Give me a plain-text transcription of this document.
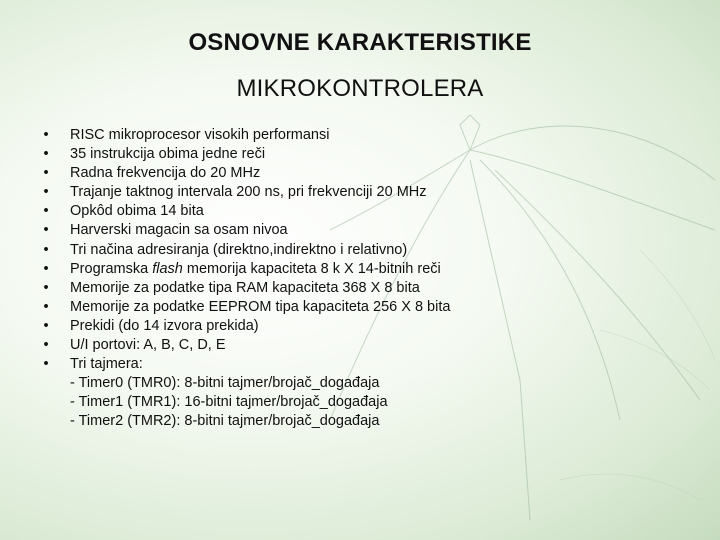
OSNOVNE KARAKTERISTIKE
MIKROKONTROLERA
• RISC mikroprocesor visokih performansi
• 35 instrukcija obima jedne reči
• Radna frekvencija do 20 MHz
• Trajanje taktnog intervala 200 ns, pri frekvenciji 20 MHz
• Opkôd obima 14 bita
• Harverski magacin sa osam nivoa
• Tri načina adresiranja (direktno,indirektno i relativno)
• Programska flash memorija kapaciteta 8 k X 14-bitnih reči
• Memorije za podatke tipa RAM kapaciteta 368 X 8 bita
• Memorije za podatke EEPROM tipa kapaciteta 256 X 8 bita
• Prekidi (do 14 izvora prekida)
• U/I portovi: A, B, C, D, E
• Tri tajmera:
- Timer0 (TMR0): 8-bitni tajmer/brojač_događaja
- Timer1 (TMR1): 16-bitni tajmer/brojač_događaja
- Timer2 (TMR2): 8-bitni tajmer/brojač_događaja
